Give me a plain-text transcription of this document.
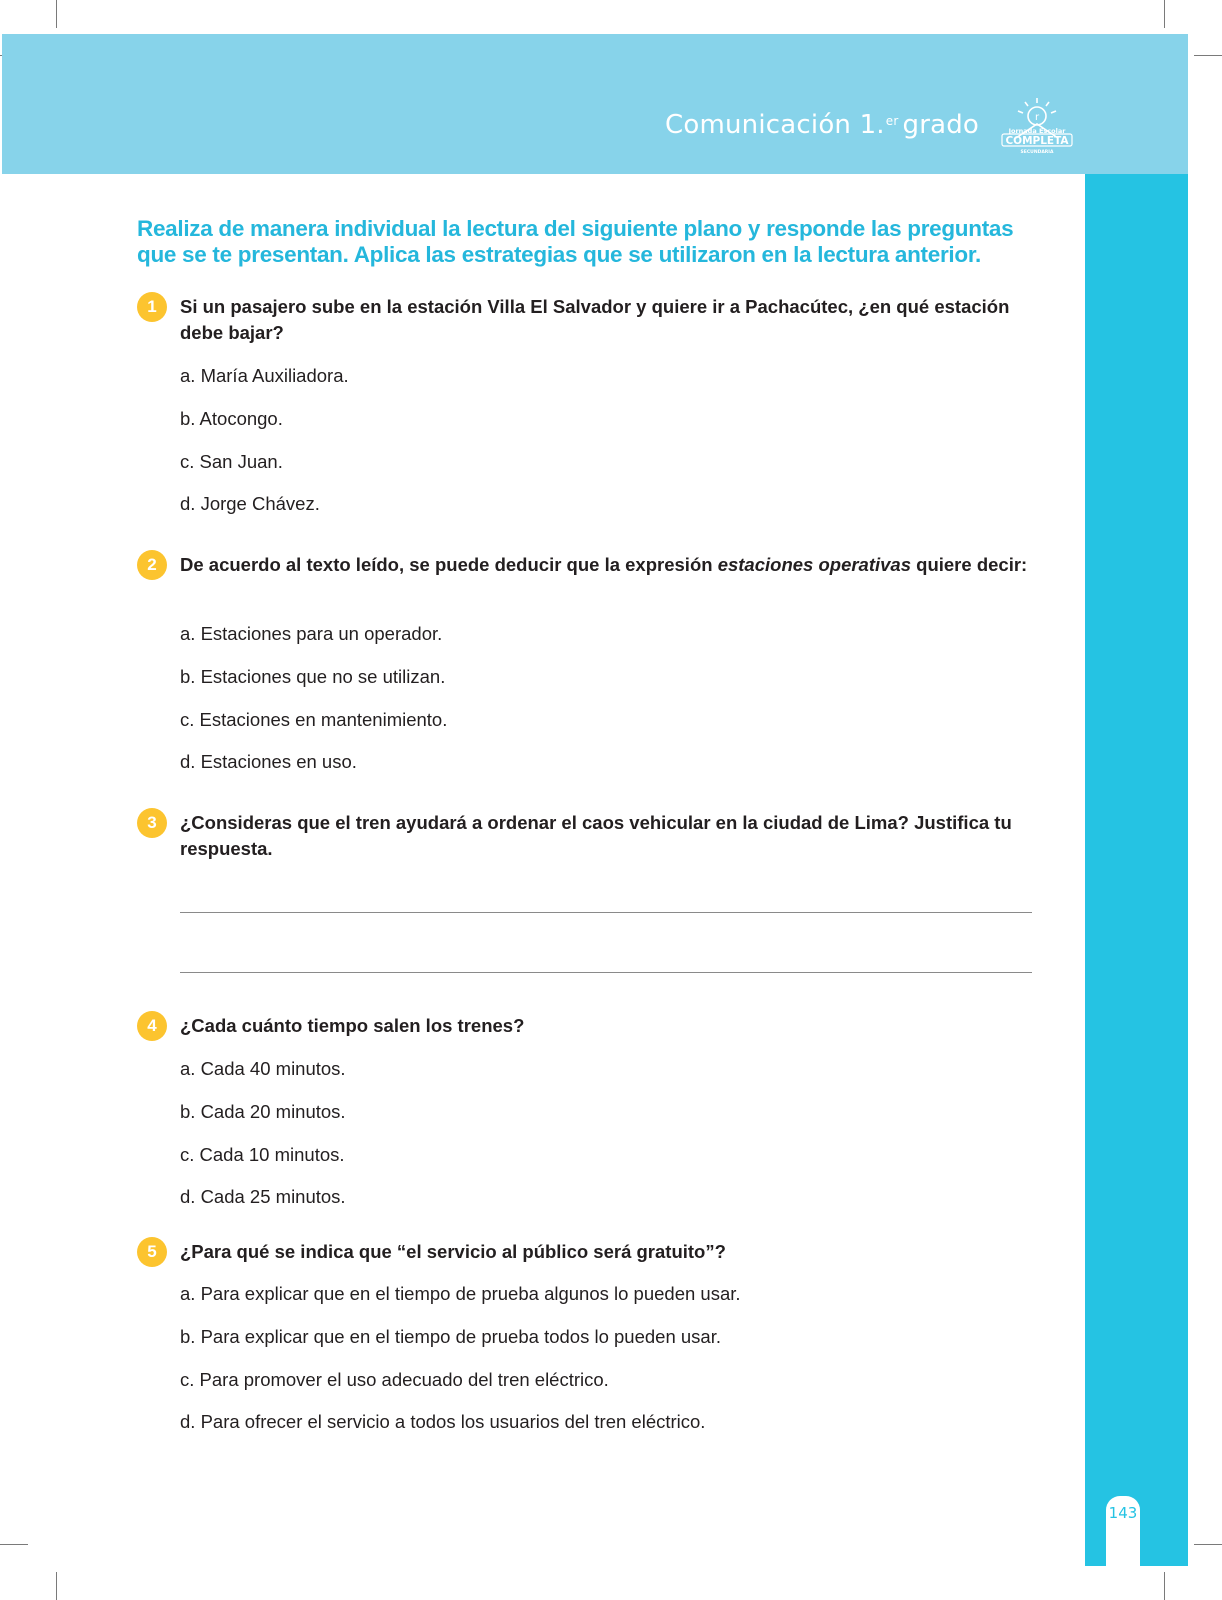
Comunicación 1.$^{er}$ grado	r
Jornada Escolar
COMPLETA
SECUNDARIA
143
Realiza de manera individual la lectura del siguiente plano y responde las preguntas que se te presentan. Aplica las estrategias que se utilizaron en la lectura anterior.
1	Si un pasajero sube en la estación Villa El Salvador y quiere ir a Pachacútec, ¿en qué estación debe bajar?
a. María Auxiliadora.
b. Atocongo.
c. San Juan.
d. Jorge Chávez.
2	De acuerdo al texto leído, se puede deducir que la expresión estaciones operativas quiere decir:
a. Estaciones para un operador.
b. Estaciones que no se utilizan.
c. Estaciones en mantenimiento.
d. Estaciones en uso.
3	¿Consideras que el tren ayudará a ordenar el caos vehicular en la ciudad de Lima? Justifica tu respuesta.
4	¿Cada cuánto tiempo salen los trenes?
a. Cada 40 minutos.
b. Cada 20 minutos.
c. Cada 10 minutos.
d. Cada 25 minutos.
5	¿Para qué se indica que “el servicio al público será gratuito”?
a. Para explicar que en el tiempo de prueba algunos lo pueden usar.
b. Para explicar que en el tiempo de prueba todos lo pueden usar.
c. Para promover el uso adecuado del tren eléctrico.
d. Para ofrecer el servicio a todos los usuarios del tren eléctrico.
